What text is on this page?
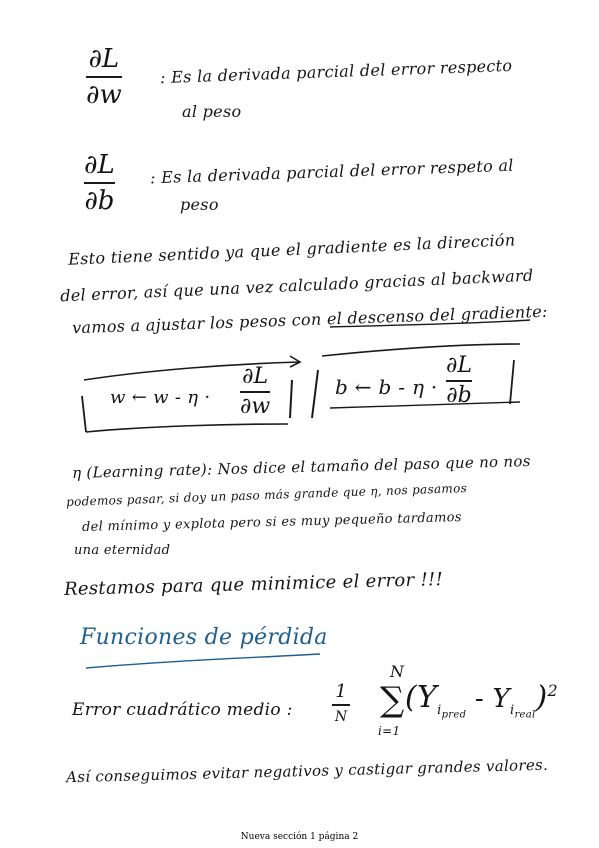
∂L
∂w
: Es la derivada parcial del error respecto
al peso
∂L
∂b
: Es la derivada parcial del error respeto al
peso
Esto tiene sentido ya que el gradiente es la dirección
del error, así que una vez calculado gracias al backward
vamos a ajustar los pesos con el descenso del gradiente:
w ← w - η ·
∂L
∂w
b ← b - η ·
∂L
∂b
η (Learning rate): Nos dice el tamaño del paso que no nos
podemos pasar, si doy un paso más grande que η, nos pasamos
del mínimo y explota pero si es muy pequeño tardamos
una eternidad
Restamos para que minimice el error !!!
Funciones de pérdida
Error cuadrático medio :
1
N
N
∑
i=1
$(Y_{i_{pred}} - Y_{i_{real}})^2$
Así conseguimos evitar negativos y castigar grandes valores.
Nueva sección 1 página 2
